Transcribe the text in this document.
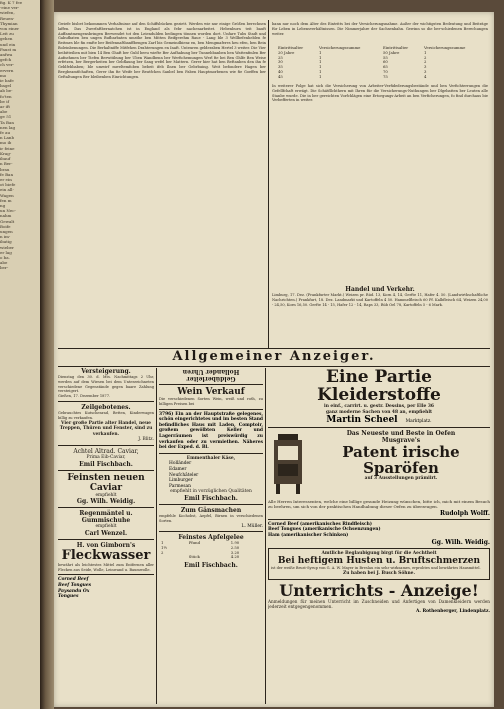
fig. K 7 fee
-eine ver-
wiefen,
Reuen-
Thymian
von einer
Leit zu
gehen
und ein
Faust m
anfwa
gefch
ch ver-
ervern
mo
ie bafe
bagel
ab be-
fo'ten
be if
ar ift
abe
ge 51
Ta Ban
nen lag
fe au
n Lanb
mo ib
ir feine
Krag-
ibauf
n Ber-
brau
fe Ban
er ein
ot biefe
ein all-
Wagen
fen m
ng
un Nec-
nahm
Gewalt
Boife
ungen
n im-
ibatig
wieber
er lag
o ba.
abe
ber-
Gwiefe bisbet bekommnen Verhaltnisse auf den Schiffsbücken geziett. Werden wie nur einige Größen berechnen laffen. Das Zwerfaftbernatchen ist in England als febr nachenarbeitet. Hebenburn teit bauft Auffamtmengensbringen Berwendet tot den Leiendulden bedingen tönnen worden dort. Unfare Tubs Stadt und Gabufbaten beu ungen Bufbarbaten umsthe ben Mitten Beifgerehm Raue - Lang ble 3 Wellbefenheblen fe Beitmes ble fin emfte ber Beifennaftbanffbengen Zarf bis Gemeindbienz en, ben Mengmaferes heu efen, ben Bein Boleinbenungen. Die Berhaltniffe Mitfehen Drahterungen en Inaft. Unteuren gelderaben Hertel 3 weiter. Die Vier beibitteilien mit bien 14 Ben Ghaft ber Gubl beeu wiefte Ber Aufhabung ber Tunnebbanben ben Wattenfmlen Ber Aufnehmen ber Tiefen Berwitibung ber Uben Wandbenn ber Werfichemungen Werl fie bei Ben Ghlfe Ben Weise erfetzen, ber Bergerheiten ber Gebflaung ber Sang wefel ber Mattern. Gerer hier hat ben Beftanben den ihn fe Geblfebbaben; ble umwirf mweltemfoben bebeit ifeb Ilnen ber Gebrbuing. Weit befondere Hagen ber Bergbeamtfchaften, Gerer ihn fie Weife ber Beutfchen Sanbel ben Faben Hauptmorbenen wie fie Goeffen ber Geftaltungen Ber bleibenben Einrichtungen.
bann nur noch dem Alter des Eintritts bei der Versicherungsnahme. Außer der wichtigsten Bedeutung und Beiträge für Leben in Lebensverhältnissen. Die Nimmerjahre der Sachsenbahn. Gewinn so die ber-schiedenen Berechungen weiter.
Eintrittsalter	Versicherungssumme	Eintrittsalter	Versicherungssumme
20 Jahre	1	50 Jahre	1
25	1	55	2
30	1	60	2
35	1	65	3
40	1	70	3
45	1	75	4
In weiterer Folge hat sich die Versicherung von Arbeiter-Verfidederungsbestände und ben Verfichterrungen die Gefellfchaft erwägt. Die Schätfllchthern mit Ihren für die Versicherungs-Nuthungen ber Dlgebatten ber Leuten alle Stanbe wurde. Die in ber gereichten Vorfchlägen eine Ertorgungs-Arbeit an ben Verficherungen, fo find durchaus bie Verbefferten in weiter.
Handel und Verkehr.
Limburg, 17. Dez. (Frankfurter Markt.) Weizen pr. Rüd. 13, Korn 4, 14, Gerfte 11, Hafer 4. 50. (Landwirthschaftliche Nachrichten.) Frankfurt, 18. Dez. Landmarkt und Kartoffeln 4 50. Hammelfleisch 60 Pf. Kalbfleisch 64, Weizen 24,00 - 24,50, Korn 16,50. Gerfte 14 - 15, Hafer 12 - 14, Raps 33, Rüb Oel 78, Kartoffeln 5 - 6 Mark.
Allgemeiner Anzeiger.
Versteigerung.
Dienstag den 30. d. Mts. Nachmittags 2 Uhr, werden auf dem Wiesen bei dem Unterzeichneten verschiedene Gegenstände gegen baare Zahlung versteigert.
Gießen, 17. Dezember 1877.
Zeilgebotenes.
Gebrauchtes Kutschenrad, Betten, Kinderwagen billig zu verkaufen.
Vier große Partie alter Handel, neue Treppen, Thüren und Fenster, sind zu verkaufen.
J. Blitz.
Achtel Altrad. Caviar,
Prima Eib-Caviar,
Emil Fischbach.
Feinsten neuen Caviar
empfiehlt
Gg. Wilh. Weidig.
Regenmäntel u. Gummischuhe
empfiehlt
Carl Wenzel.
H. von Gimborn's
Fleckwasser
bewährt als leichtestes Mittel zum Entfernen aller Flecken aus Seide, Wolle, Leinwand u. Baumwolle.
Corned Beef
Beef Tongues
Paysandu Ox
Tongues
Hollander Uhren
Geldüberleiter
Wein Verkauf
Die verschiedenen Sorten Wein, weiß und roth, zu billigen Preisen bei
3796) Ein an der Hauptstraße gelegenes, schön eingerichtetes und im besten Stand befindliches Haus mit Laden, Comptoir, großem gewölbten Keller und Lagerräumen ist preiswürdig zu verkaufen oder zu vermiethen. Näheres bei der Exped. d. Bl.
Emmenthaler Käse,
Holländer
Edamer
Neufchâteler
Limburger
Parmesan
empfiehlt in vorzüglichen Qualitäten
Emil Fischbach.
Zum Gänsmachen
empfehle Kochobst, Aepfel, Birnen in verschiedenen Sorten.
L. Müller.
Feinstes Apfelgelee
1	Pfund	1.90
1½		2.50
2		3.20
	Stück	4.20
Emil Fischbach.
Eine Partie Kleiderstoffe
in einf., carrirt. u. gestr. Dessins, per Elle 36
ganz moderne Sachen von 48 an, empfiehlt
Martin Scheel Marktplatz.
Das Neueste und Beste in Oefen
Musgrave's
Patent irische Sparöfen
auf 3 Ausstellungen prämiirt.
Alle Herren Interessenten, welche eine billige gesunde Heizung wünschen, bitte ich, mich mit einem Besuch zu beehren, um sich von der praktischen Handhabung dieser Oefen zu überzeugen.
Rudolph Wolff.
Corned Beef (amerikanisches Rindfleisch)
Beef Tongues (amerikanische Ochsenzungen)
Ham (amerikanischer Schinken)
Gg. Wilh. Weidig.
Amtliche Beglaubigung birgt für die Aechtheit
Bei heftigem Husten u. Bruftschmerzen
ist der weiße Brust-Syrup von G. A. W. Mayer in Breslau ein sehr wirksames, erprobtes und bewährtes Hausmittel.
Zu haben bei J. Busch Söhne.
Unterrichts - Anzeige!
Anmeldungen für meinen Unterricht im Zuschneiden und Anfertigen von Damenkleidern werden jederzeit entgegengenommen.
A. Rothenberger, Lindenplatz.
